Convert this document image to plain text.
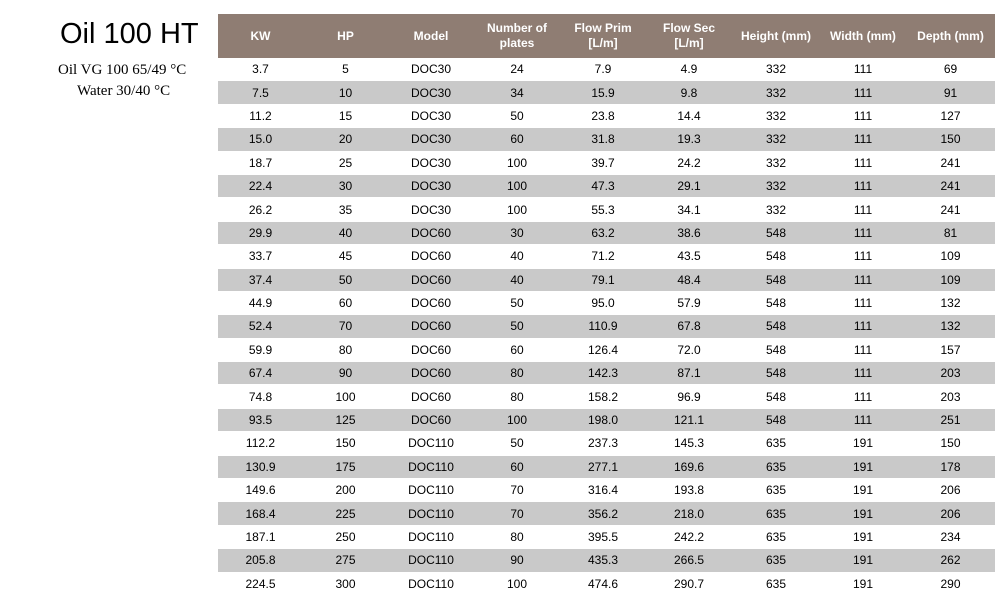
Oil 100 HT
Oil VG 100 65/49 °C
Water 30/40 °C
KW	HP	Model	Number of plates	Flow Prim [L/m]	Flow Sec [L/m]	Height (mm)	Width (mm)	Depth (mm)
3.7	5	DOC30	24	7.9	4.9	332	111	69
7.5	10	DOC30	34	15.9	9.8	332	111	91
11.2	15	DOC30	50	23.8	14.4	332	111	127
15.0	20	DOC30	60	31.8	19.3	332	111	150
18.7	25	DOC30	100	39.7	24.2	332	111	241
22.4	30	DOC30	100	47.3	29.1	332	111	241
26.2	35	DOC30	100	55.3	34.1	332	111	241
29.9	40	DOC60	30	63.2	38.6	548	111	81
33.7	45	DOC60	40	71.2	43.5	548	111	109
37.4	50	DOC60	40	79.1	48.4	548	111	109
44.9	60	DOC60	50	95.0	57.9	548	111	132
52.4	70	DOC60	50	110.9	67.8	548	111	132
59.9	80	DOC60	60	126.4	72.0	548	111	157
67.4	90	DOC60	80	142.3	87.1	548	111	203
74.8	100	DOC60	80	158.2	96.9	548	111	203
93.5	125	DOC60	100	198.0	121.1	548	111	251
112.2	150	DOC110	50	237.3	145.3	635	191	150
130.9	175	DOC110	60	277.1	169.6	635	191	178
149.6	200	DOC110	70	316.4	193.8	635	191	206
168.4	225	DOC110	70	356.2	218.0	635	191	206
187.1	250	DOC110	80	395.5	242.2	635	191	234
205.8	275	DOC110	90	435.3	266.5	635	191	262
224.5	300	DOC110	100	474.6	290.7	635	191	290
